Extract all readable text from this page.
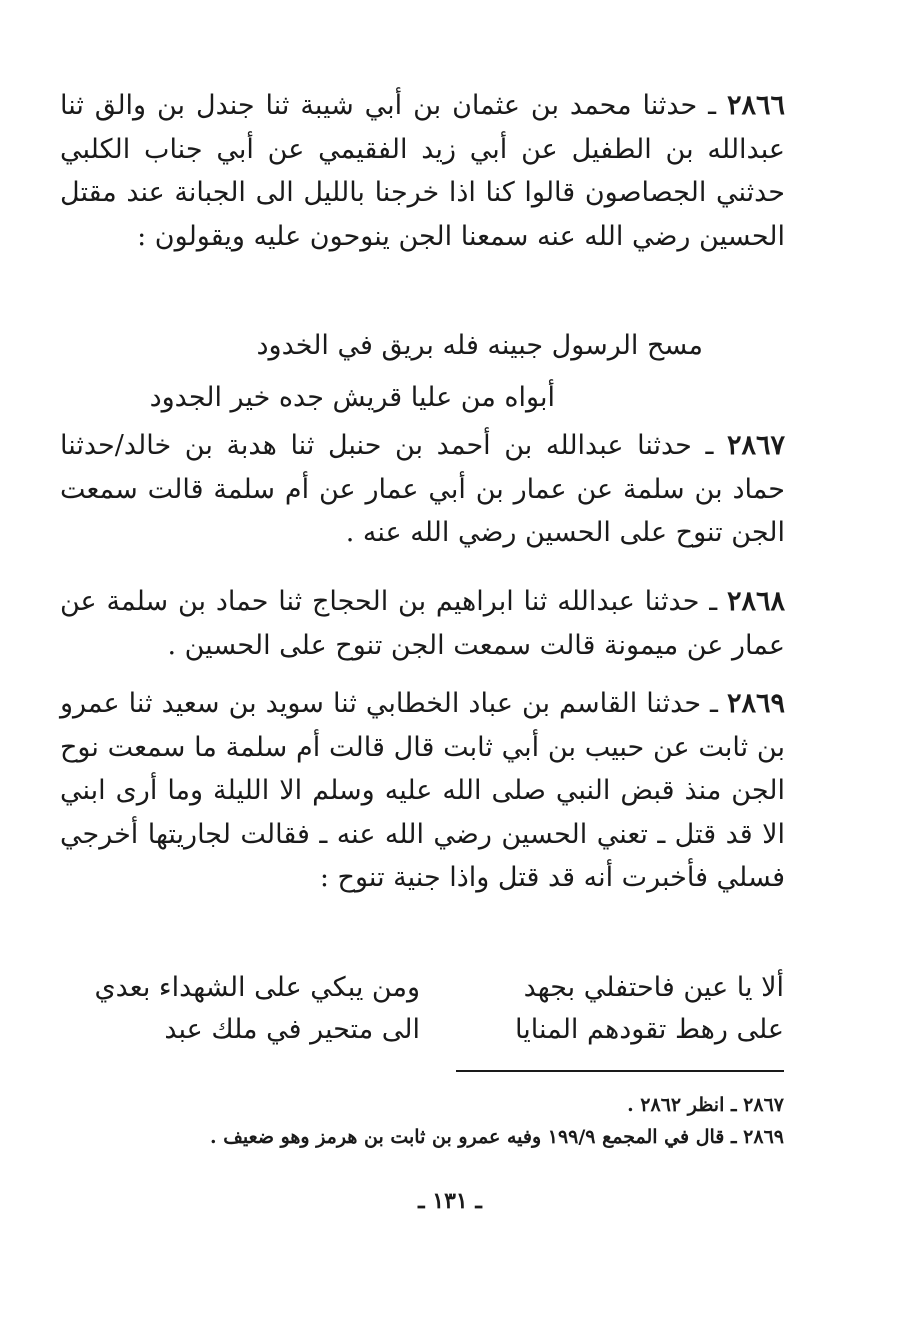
٢٨٦٦ ـ حدثنا محمد بن عثمان بن أبي شيبة ثنا جندل بن والق ثنا عبدالله بن الطفيل عن أبي زيد الفقيمي عن أبي جناب الكلبي حدثني الجصاصون قالوا كنا اذا خرجنا بالليل الى الجبانة عند مقتل الحسين رضي الله عنه سمعنا الجن ينوحون عليه ويقولون :

مسح الرسول جبينه فله بريق في الخدود
أبواه من عليا قريش جده خير الجدود

٢٨٦٧ ـ حدثنا عبدالله بن أحمد بن حنبل ثنا هدبة بن خالد/حدثنا حماد بن سلمة عن عمار بن أبي عمار عن أم سلمة قالت سمعت الجن تنوح على الحسين رضي الله عنه .

٢٨٦٨ ـ حدثنا عبدالله ثنا ابراهيم بن الحجاج ثنا حماد بن سلمة عن عمار عن ميمونة قالت سمعت الجن تنوح على الحسين .

٢٨٦٩ ـ حدثنا القاسم بن عباد الخطابي ثنا سويد بن سعيد ثنا عمرو بن ثابت عن حبيب بن أبي ثابت قال قالت أم سلمة ما سمعت نوح الجن منذ قبض النبي صلى الله عليه وسلم الا الليلة وما أرى ابني الا قد قتل ـ تعني الحسين رضي الله عنه ـ فقالت لجاريتها أخرجي فسلي فأخبرت أنه قد قتل واذا جنية تنوح :

ألا يا عين فاحتفلي بجهد
ومن يبكي على الشهداء بعدي
على رهط تقودهم المنايا
الى متحير في ملك عبد

٢٨٦٧ ـ انظر ٢٨٦٢ .

٢٨٦٩ ـ قال في المجمع ١٩٩/٩ وفيه عمرو بن ثابت بن هرمز وهو ضعيف .

ـ ١٣١ ـ
